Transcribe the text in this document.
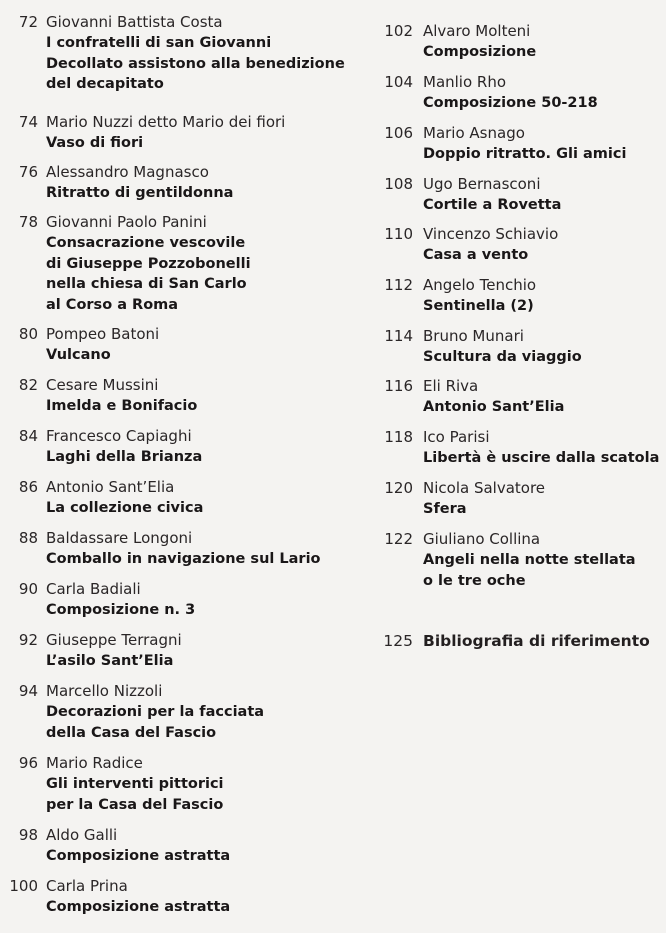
72 Giovanni Battista Costa
I confratelli di san Giovanni
Decollato assistono alla benedizione
del decapitato
74 Mario Nuzzi detto Mario dei fiori
Vaso di fiori
76 Alessandro Magnasco
Ritratto di gentildonna
78 Giovanni Paolo Panini
Consacrazione vescovile
di Giuseppe Pozzobonelli
nella chiesa di San Carlo
al Corso a Roma
80 Pompeo Batoni
Vulcano
82 Cesare Mussini
Imelda e Bonifacio
84 Francesco Capiaghi
Laghi della Brianza
86 Antonio Sant’Elia
La collezione civica
88 Baldassare Longoni
Comballo in navigazione sul Lario
90 Carla Badiali
Composizione n. 3
92 Giuseppe Terragni
L’asilo Sant’Elia
94 Marcello Nizzoli
Decorazioni per la facciata
della Casa del Fascio
96 Mario Radice
Gli interventi pittorici
per la Casa del Fascio
98 Aldo Galli
Composizione astratta
100 Carla Prina
Composizione astratta
102 Alvaro Molteni
Composizione
104 Manlio Rho
Composizione 50-218
106 Mario Asnago
Doppio ritratto. Gli amici
108 Ugo Bernasconi
Cortile a Rovetta
110 Vincenzo Schiavio
Casa a vento
112 Angelo Tenchio
Sentinella (2)
114 Bruno Munari
Scultura da viaggio
116 Eli Riva
Antonio Sant’Elia
118 Ico Parisi
Libertà è uscire dalla scatola
120 Nicola Salvatore
Sfera
122 Giuliano Collina
Angeli nella notte stellata
o le tre oche
125 Bibliografia di riferimento
